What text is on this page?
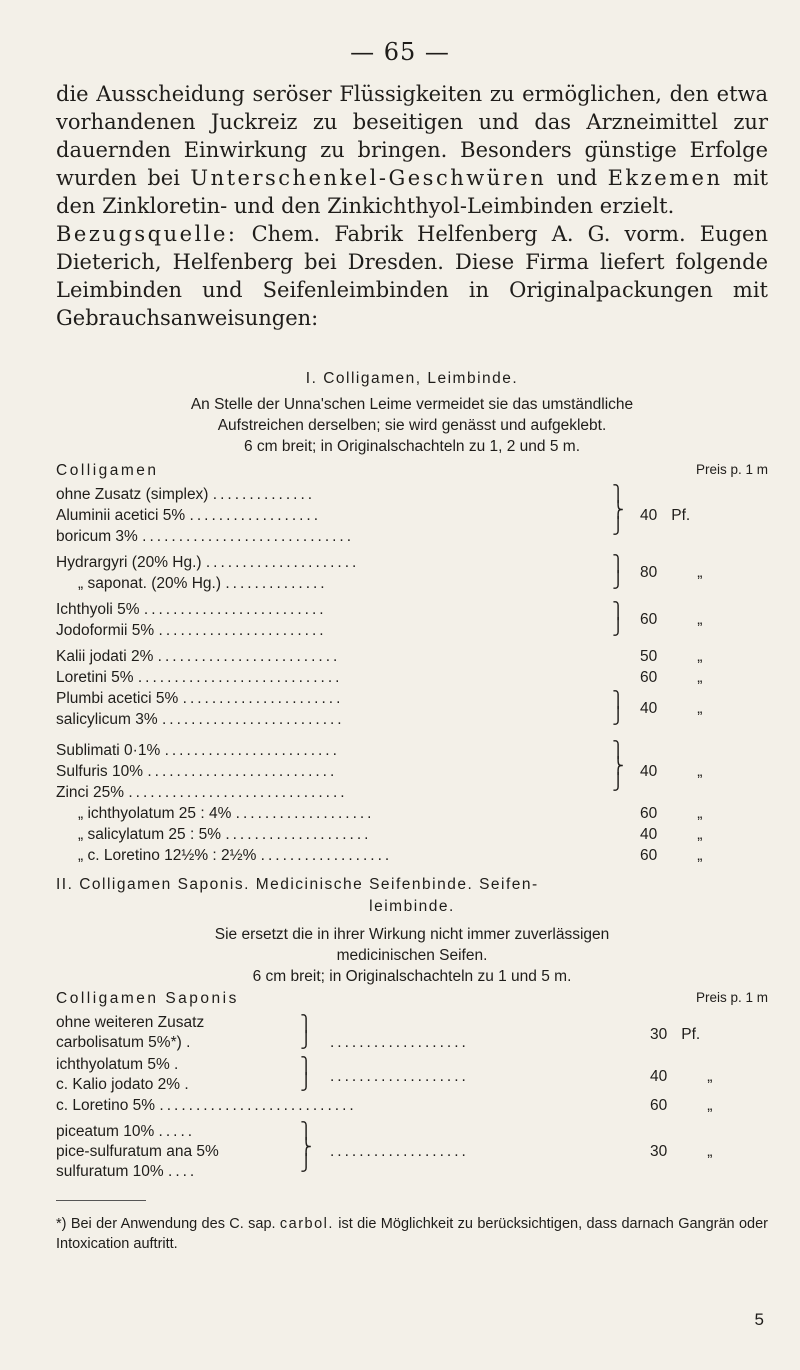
— 65 —

die Ausscheidung seröser Flüssigkeiten zu ermöglichen, den etwa vorhandenen Juckreiz zu beseitigen und das Arzneimittel zur dauernden Einwirkung zu bringen. Besonders günstige Erfolge wurden bei Unterschenkel-Geschwüren und Ekzemen mit den Zinkloretin- und den Zinkichthyol-Leimbinden erzielt.

Bezugsquelle: Chem. Fabrik Helfenberg A. G. vorm. Eugen Dieterich, Helfenberg bei Dresden. Diese Firma liefert folgende Leimbinden und Seifenleimbinden in Originalpackungen mit Gebrauchsanweisungen:

I. Colligamen, Leimbinde.
An Stelle der Unna'schen Leime vermeidet sie das umständliche
Aufstreichen derselben; sie wird genässt und aufgeklebt.
6 cm breit; in Originalschachteln zu 1, 2 und 5 m.
Colligamen	Preis p. 1 m
ohne Zusatz (simplex) ..............
Aluminii acetici 5% ..................
boricum 3% .............................
⎫
⎬
⎭
40 Pf.
Hydrargyri (20% Hg.) .....................
„ saponat. (20% Hg.) ..............
⎫
⎭ 80	„
Ichthyoli 5% .........................
Jodoformii 5% .......................
⎫
⎭ 60	„
Kalii jodati 2% .........................	50	„
Loretini 5% ............................	60	„
Plumbi acetici 5% ......................
salicylicum 3% .........................
⎫
⎭ 40	„
Sublimati 0·1% ........................
Sulfuris 10% ..........................
Zinci 25% ..............................
⎫
⎬
⎭
40	„
„ ichthyolatum 25 : 4% ...................	60	„
„ salicylatum 25 : 5% ....................	40	„
„ c. Loretino 12½% : 2½% ..................	60	„
II. Colligamen Saponis. Medicinische Seifenbinde. Seifen-
leimbinde.
Sie ersetzt die in ihrer Wirkung nicht immer zuverlässigen
medicinischen Seifen.
6 cm breit; in Originalschachteln zu 1 und 5 m.
Colligamen Saponis	Preis p. 1 m
ohne weiteren Zusatz
carbolisatum 5%*) .
⎫
⎭ ...................	30 Pf.
ichthyolatum 5% .
c. Kalio jodato 2% .
⎫
⎭ ...................	40	„
c. Loretino 5% ...........................	60	„
piceatum 10% .....
pice-sulfuratum ana 5%
sulfuratum 10% ....
⎫
⎬
⎭
...................	30	„
*) Bei der Anwendung des C. sap. carbol. ist die Möglichkeit zu berücksichtigen, dass darnach Gangrän oder Intoxication auftritt.
5
